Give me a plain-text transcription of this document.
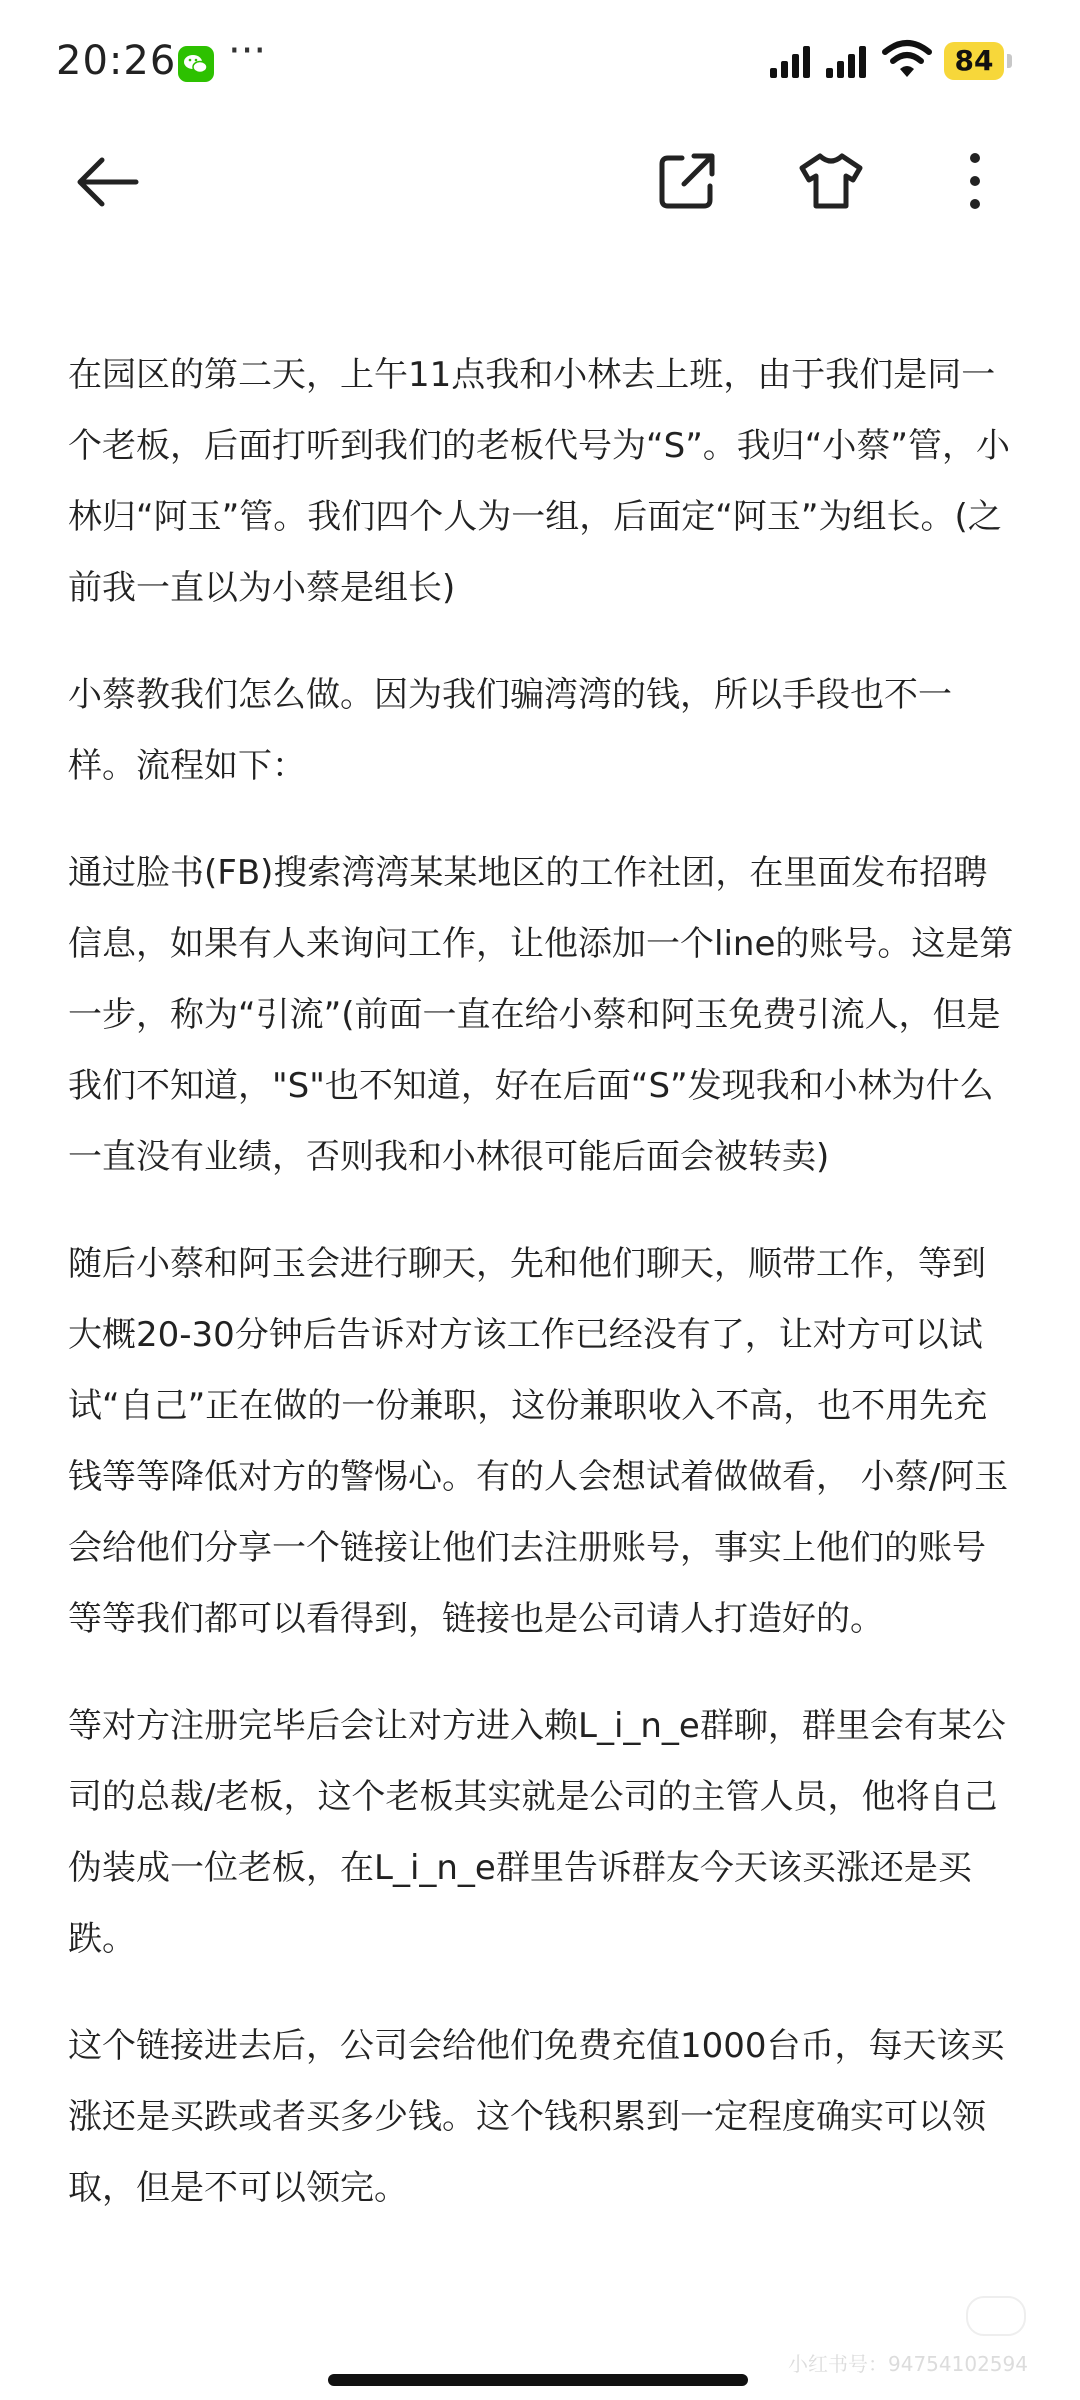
20:26 ···	84

在园区的第二天，上午11点我和小林去上班，由于我们是同一个老板，后面打听到我们的老板代号为“S”。我归“小蔡”管，小林归“阿玉”管。我们四个人为一组，后面定“阿玉”为组长。(之前我一直以为小蔡是组长)

小蔡教我们怎么做。因为我们骗湾湾的钱，所以手段也不一样。流程如下：

通过脸书(FB)搜索湾湾某某地区的工作社团，在里面发布招聘信息，如果有人来询问工作，让他添加一个line的账号。这是第一步，称为“引流”(前面一直在给小蔡和阿玉免费引流人，但是我们不知道，"S"也不知道，好在后面“S”发现我和小林为什么一直没有业绩，否则我和小林很可能后面会被转卖)

随后小蔡和阿玉会进行聊天，先和他们聊天，顺带工作，等到大概20-30分钟后告诉对方该工作已经没有了，让对方可以试试“自己”正在做的一份兼职，这份兼职收入不高，也不用先充钱等等降低对方的警惕心。有的人会想试着做做看， 小蔡/阿玉会给他们分享一个链接让他们去注册账号，事实上他们的账号等等我们都可以看得到，链接也是公司请人打造好的。

等对方注册完毕后会让对方进入赖L_i_n_e群聊，群里会有某公司的总裁/老板，这个老板其实就是公司的主管人员，他将自己伪装成一位老板，在L_i_n_e群里告诉群友今天该买涨还是买跌。

这个链接进去后，公司会给他们免费充值1000台币，每天该买涨还是买跌或者买多少钱。这个钱积累到一定程度确实可以领取，但是不可以领完。

小红书号：94754102594
